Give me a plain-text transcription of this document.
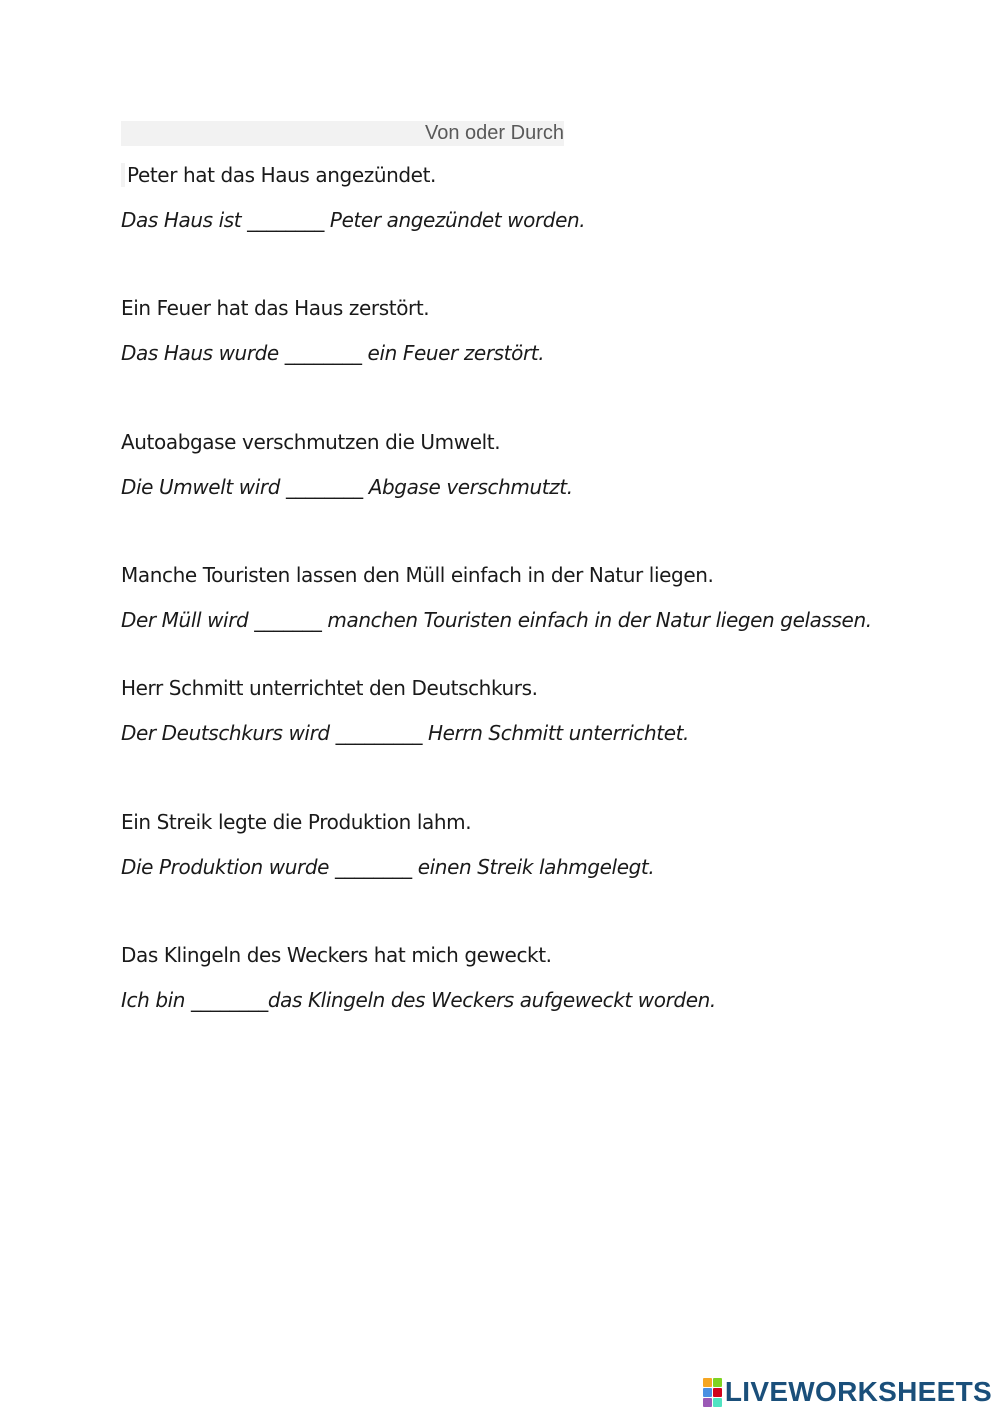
Von oder Durch
Peter hat das Haus angezündet.
Das Haus ist ________ Peter angezündet worden.
Ein Feuer hat das Haus zerstört.
Das Haus wurde ________ ein Feuer zerstört.
Autoabgase verschmutzen die Umwelt.
Die Umwelt wird ________ Abgase verschmutzt.
Manche Touristen lassen den Müll einfach in der Natur liegen.
Der Müll wird _______ manchen Touristen einfach in der Natur liegen gelassen.
Herr Schmitt unterrichtet den Deutschkurs.
Der Deutschkurs wird _________ Herrn Schmitt unterrichtet.
Ein Streik legte die Produktion lahm.
Die Produktion wurde ________ einen Streik lahmgelegt.
Das Klingeln des Weckers hat mich geweckt.
Ich bin ________das Klingeln des Weckers aufgeweckt worden.
LIVEWORKSHEETS
